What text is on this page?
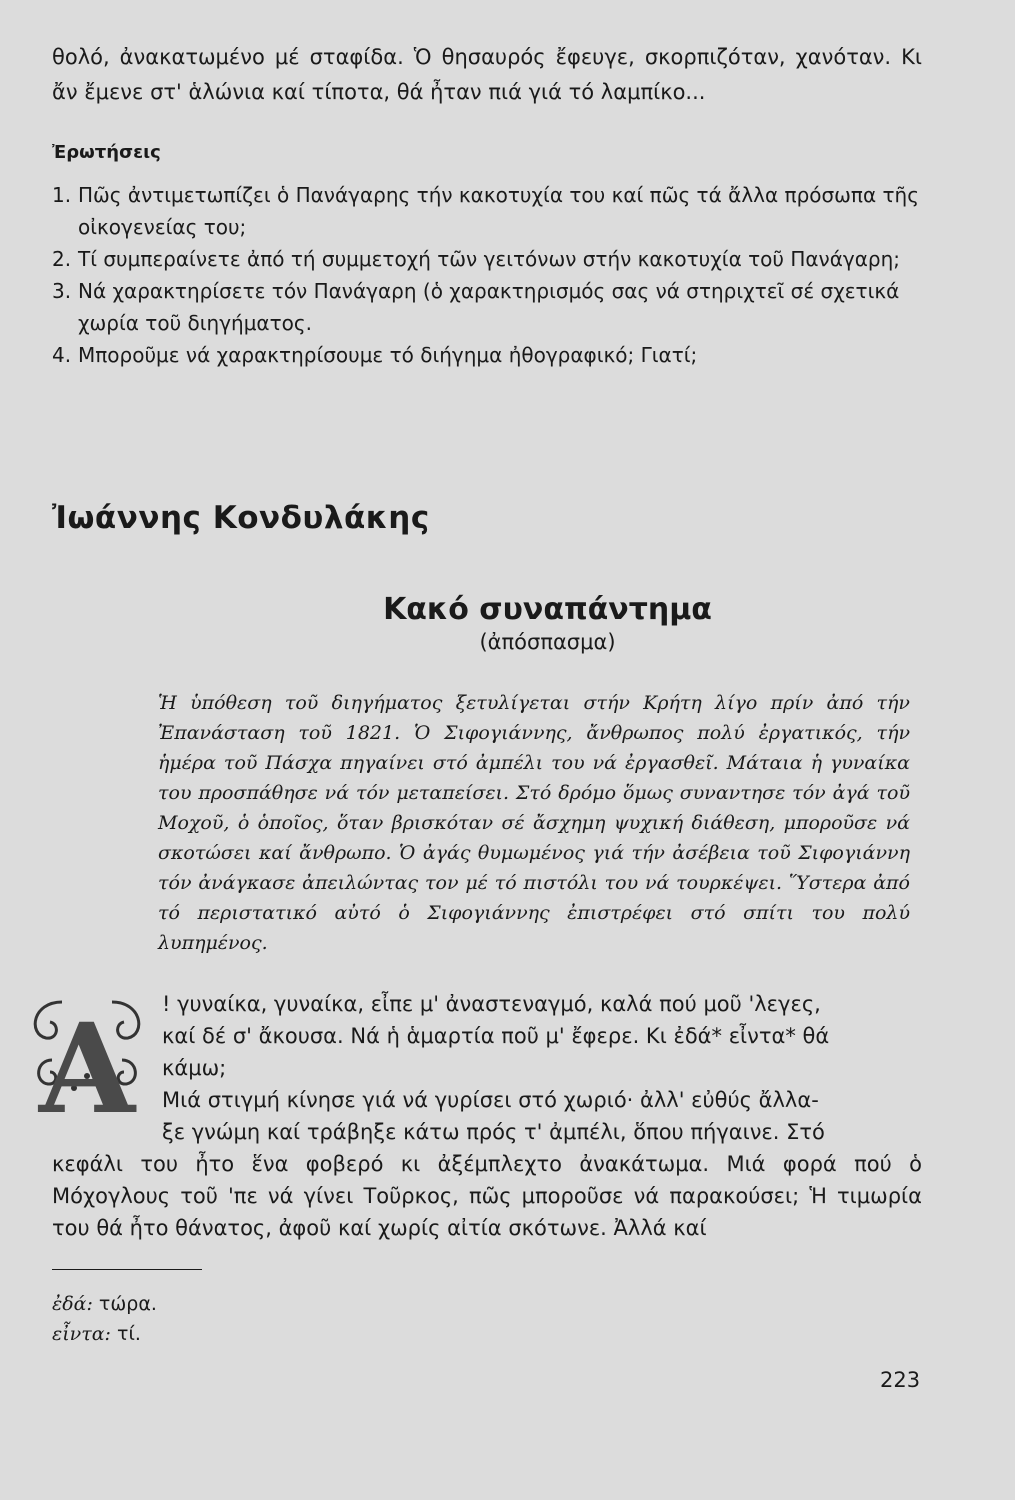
θολό, ἀνακατωμένο μέ σταφίδα. Ὁ θησαυρός ἔφευγε, σκορπιζόταν, χανόταν. Κι ἄν ἔμενε στ' ἁλώνια καί τίποτα, θά ἦταν πιά γιά τό λαμπίκο...

Ἐρωτήσεις

1. Πῶς ἀντιμετωπίζει ὁ Πανάγαρης τήν κακοτυχία του καί πῶς τά ἄλλα πρόσωπα τῆς οἰκογενείας του;
2. Τί συμπεραίνετε ἀπό τή συμμετοχή τῶν γειτόνων στήν κακοτυχία τοῦ Πανάγαρη;
3. Νά χαρακτηρίσετε τόν Πανάγαρη (ὁ χαρακτηρισμός σας νά στηριχτεῖ σέ σχετικά χωρία τοῦ διηγήματος.
4. Μποροῦμε νά χαρακτηρίσουμε τό διήγημα ἠθογραφικό; Γιατί;
Ἰωάννης Κονδυλάκης
Κακό συναπάντημα
(ἀπόσπασμα)

Ἡ ὑπόθεση τοῦ διηγήματος ξετυλίγεται στήν Κρήτη λίγο πρίν ἀπό τήν Ἐπανάσταση τοῦ 1821. Ὁ Σιφογιάννης, ἄνθρωπος πολύ ἐργατικός, τήν ἡμέρα τοῦ Πάσχα πηγαίνει στό ἀμπέλι του νά ἐργασθεῖ. Μάταια ἡ γυναίκα του προσπάθησε νά τόν μεταπείσει. Στό δρόμο ὅμως συναντησε τόν ἀγά τοῦ Μοχοῦ, ὁ ὁποῖος, ὅταν βρισκόταν σέ ἄσχημη ψυχική διάθεση, μποροῦσε νά σκοτώσει καί ἄνθρωπο. Ὁ ἀγάς θυμωμένος γιά τήν ἀσέβεια τοῦ Σιφογιάννη τόν ἀνάγκασε ἀπειλώντας τον μέ τό πιστόλι του νά τουρκέψει. Ὕστερα ἀπό τό περιστατικό αὐτό ὁ Σιφογιάννης ἐπιστρέφει στό σπίτι του πολύ λυπημένος.

Α ! γυναίκα, γυναίκα, εἶπε μ' ἀναστεναγμό, καλά πού μοῦ 'λεγες,
καί δέ σ' ἄκουσα. Νά ἡ ἁμαρτία ποῦ μ' ἔφερε. Κι ἐδά* εἶντα* θά
κάμω;
Μιά στιγμή κίνησε γιά νά γυρίσει στό χωριό· ἀλλ' εὐθύς ἄλλα-
ξε γνώμη καί τράβηξε κάτω πρός τ' ἀμπέλι, ὅπου πήγαινε. Στό

κεφάλι του ἦτο ἕνα φοβερό κι ἀξέμπλεχτο ἀνακάτωμα. Μιά φορά πού ὁ Μόχογλους τοῦ 'πε νά γίνει Τοῦρκος, πῶς μποροῦσε νά παρακούσει; Ἡ τιμωρία του θά ἦτο θάνατος, ἀφοῦ καί χωρίς αἰτία σκότωνε. Ἀλλά καί

ἐδά: τώρα.
εἶντα: τί.
223
